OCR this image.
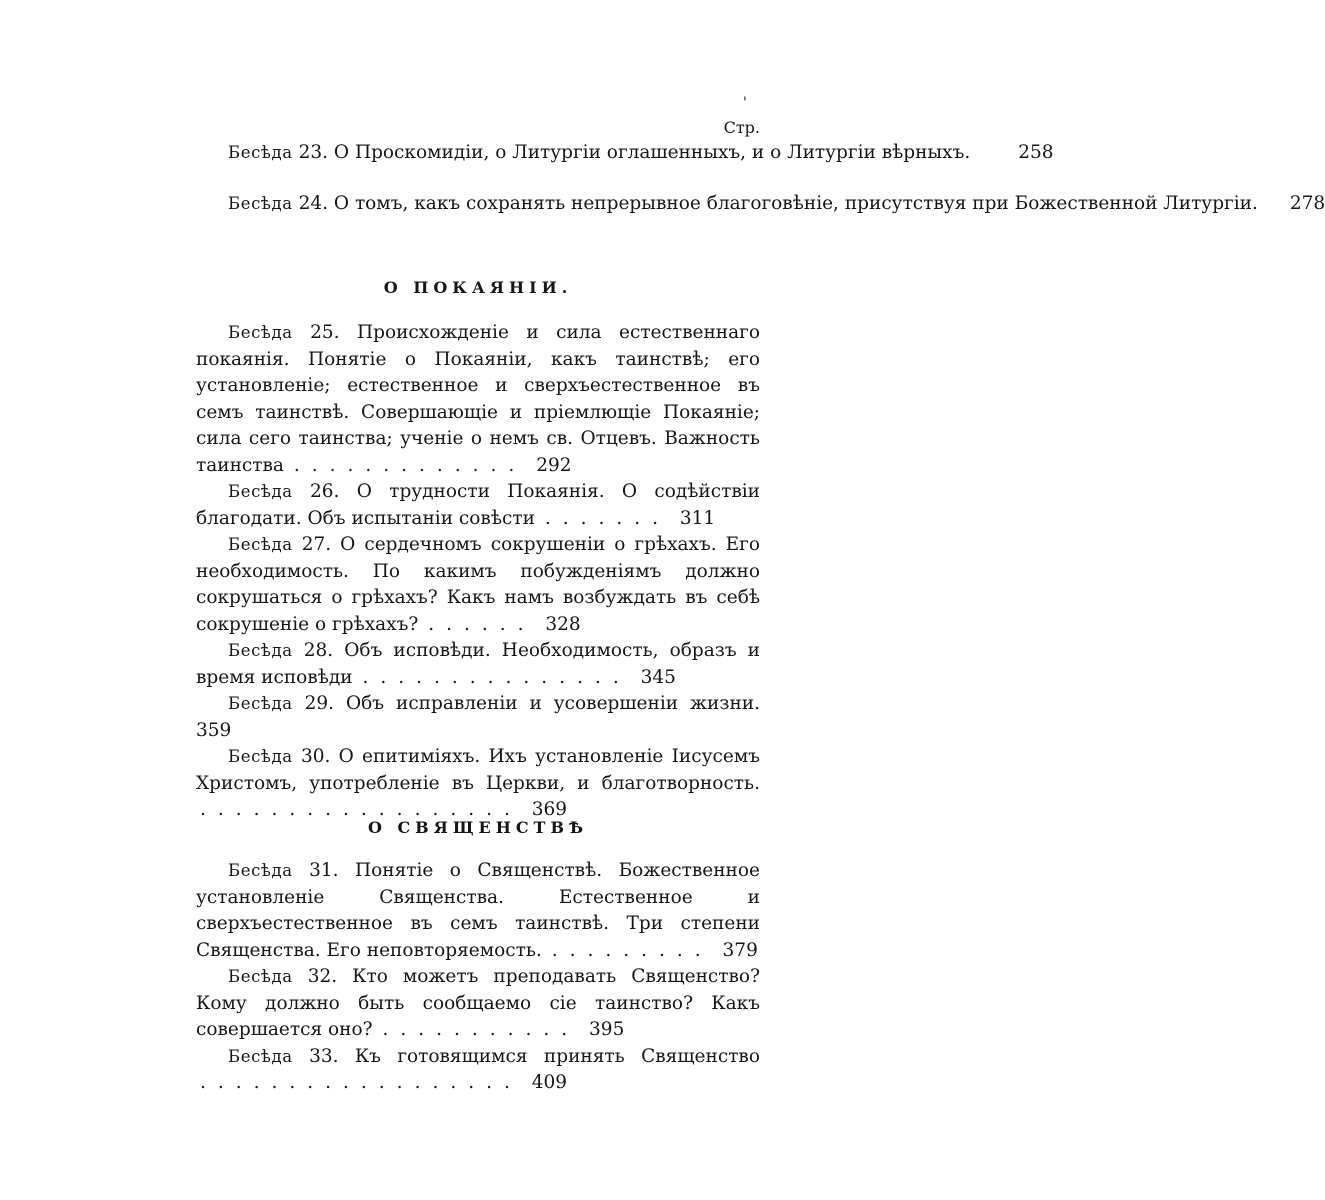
'
Стр.
Бесѣда 23. О Проскомидіи, о Литургіи оглашенныхъ, и о Литургіи вѣрныхъ.	258
Бесѣда 24. О томъ, какъ сохранять непрерывное благоговѣніе, присутствуя при Божественной Литургіи.	278
О ПОКАЯНІИ.

Бесѣда 25. Происхожденіе и сила естественнаго покаянія. Понятіе о Покаяніи, какъ таинствѣ; его установленіе; естественное и сверхъестественное въ семъ таинствѣ. Совершающіе и пріемлющіе Покаяніе; сила сего таинства; ученіе о немъ св. Отцевъ. Важность таинства ............. 292

Бесѣда 26. О трудности Покаянія. О содѣйствіи благодати. Объ испытаніи совѣсти ....... 311

Бесѣда 27. О сердечномъ сокрушеніи о грѣхахъ. Его необходимость. По какимъ побужденіямъ должно сокрушаться о грѣхахъ? Какъ намъ возбуждать въ себѣ сокрушеніе о грѣхахъ? ...... 328

Бесѣда 28. Объ исповѣди. Необходимость, образъ и время исповѣди ............... 345

Бесѣда 29. Объ исправленіи и усовершеніи жизни. 359

Бесѣда 30. О епитиміяхъ. Ихъ установленіе Іисусемъ Христомъ, употребленіе въ Церкви, и благотворность. .................. 369

О СВЯЩЕНСТВѢ

Бесѣда 31. Понятіе о Священствѣ. Божественное установленіе Священства. Естественное и сверхъестественное въ семъ таинствѣ. Три степени Священства. Его неповторяемость. ......... 379

Бесѣда 32. Кто можетъ преподавать Священство? Кому должно быть сообщаемо сіе таинство? Какъ совершается оно? ........... 395

Бесѣда 33. Къ готовящимся принять Священство .................. 409
